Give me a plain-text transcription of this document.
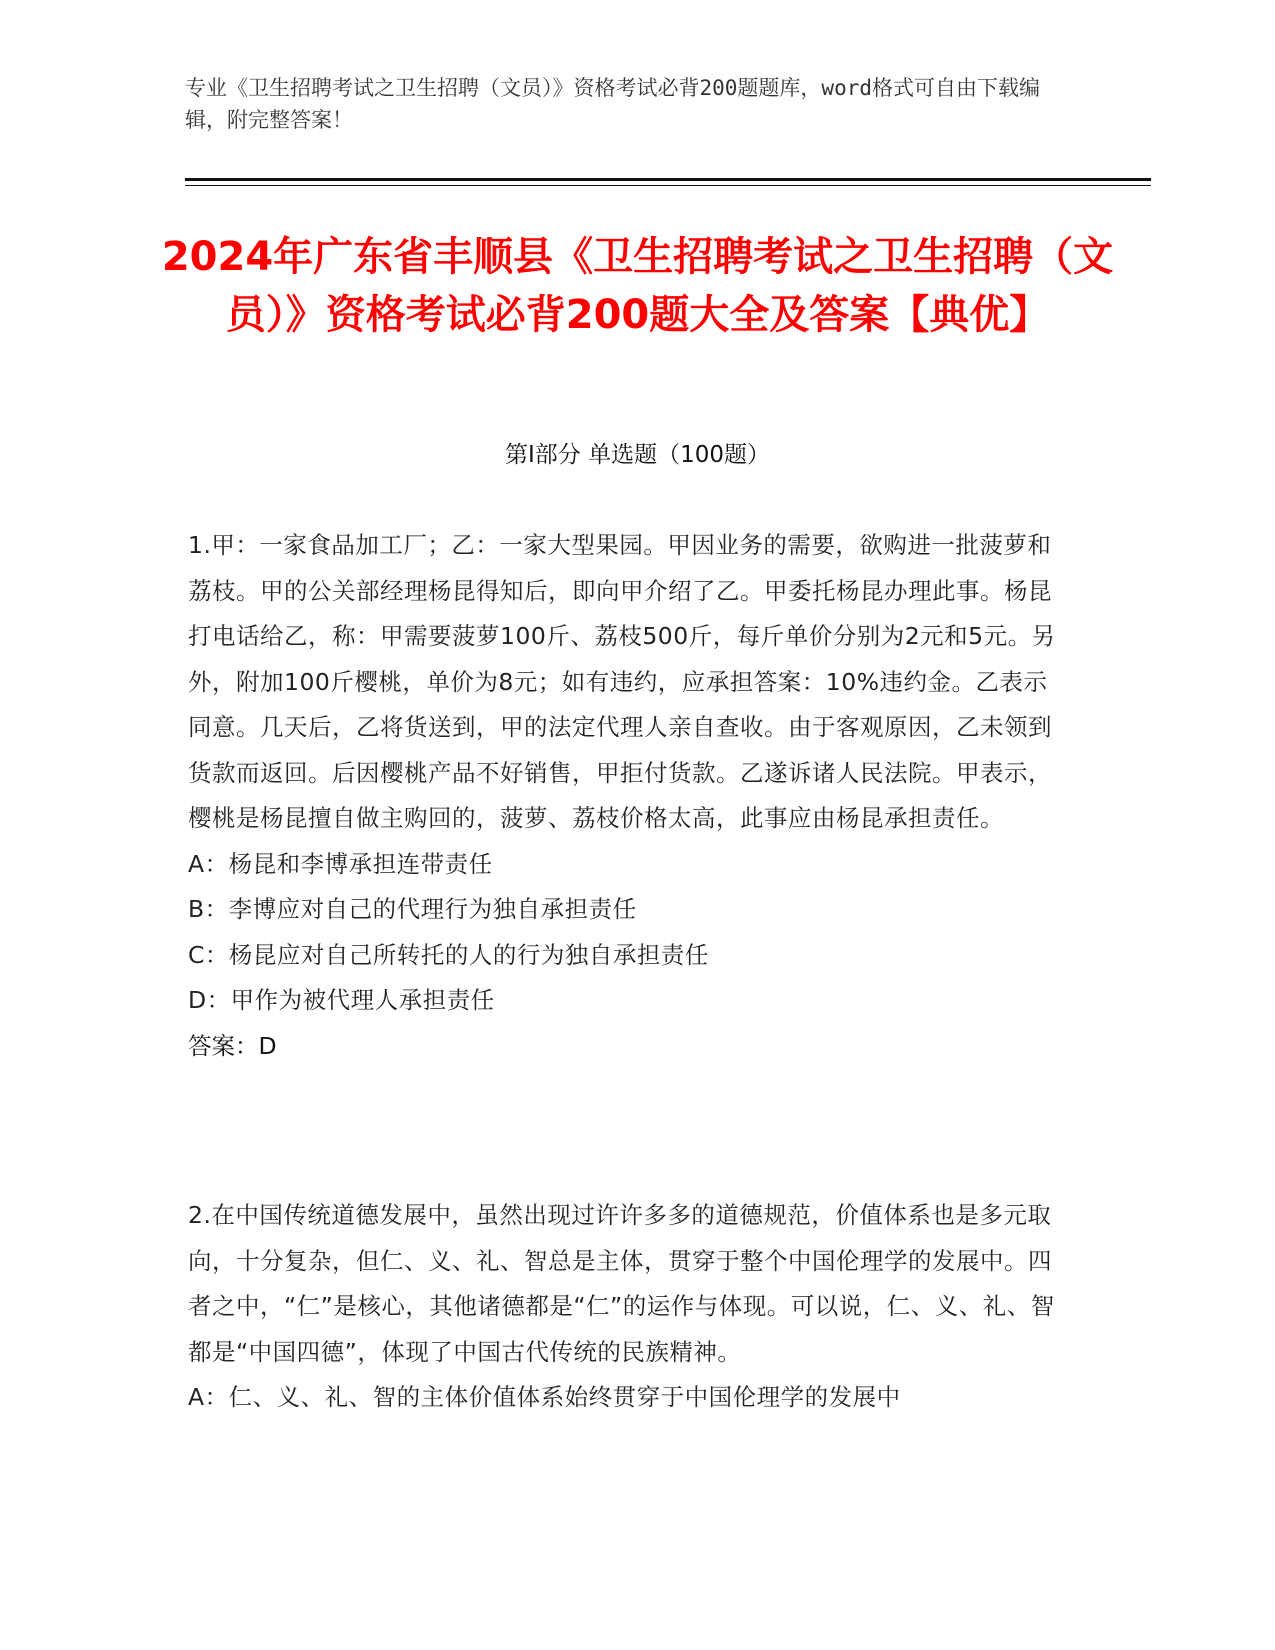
专业《卫生招聘考试之卫生招聘（文员）》资格考试必背200题题库，word格式可自由下载编辑，附完整答案！
2024年广东省丰顺县《卫生招聘考试之卫生招聘（文员）》资格考试必背200题大全及答案【典优】
第Ⅰ部分 单选题（100题）

1.甲：一家食品加工厂；乙：一家大型果园。甲因业务的需要，欲购进一批菠萝和荔枝。甲的公关部经理杨昆得知后，即向甲介绍了乙。甲委托杨昆办理此事。杨昆打电话给乙，称：甲需要菠萝100斤、荔枝500斤，每斤单价分别为2元和5元。另外，附加100斤樱桃，单价为8元；如有违约，应承担答案：10%违约金。乙表示同意。几天后，乙将货送到，甲的法定代理人亲自查收。由于客观原因，乙未领到货款而返回。后因樱桃产品不好销售，甲拒付货款。乙遂诉诸人民法院。甲表示，樱桃是杨昆擅自做主购回的，菠萝、荔枝价格太高，此事应由杨昆承担责任。

A：杨昆和李博承担连带责任

B：李博应对自己的代理行为独自承担责任

C：杨昆应对自己所转托的人的行为独自承担责任

D：甲作为被代理人承担责任

答案：D

2.在中国传统道德发展中，虽然出现过许许多多的道德规范，价值体系也是多元取向，十分复杂，但仁、义、礼、智总是主体，贯穿于整个中国伦理学的发展中。四者之中，“仁”是核心，其他诸德都是“仁”的运作与体现。可以说，仁、义、礼、智都是“中国四德”，体现了中国古代传统的民族精神。

A：仁、义、礼、智的主体价值体系始终贯穿于中国伦理学的发展中
